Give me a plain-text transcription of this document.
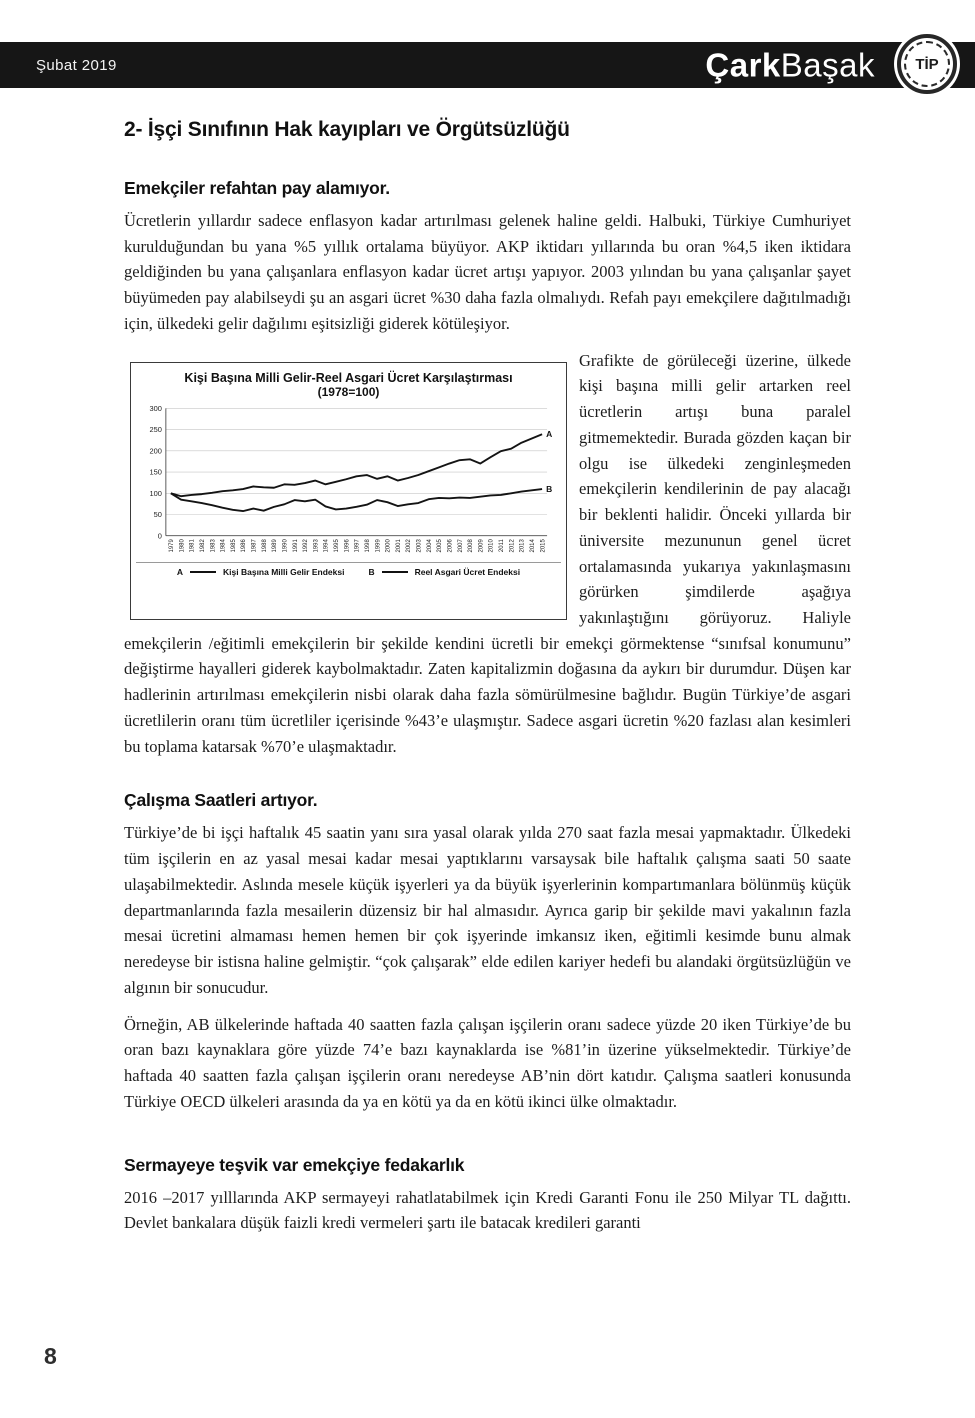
Şubat 2019	ÇarkBaşak	TİP
2- İşçi Sınıfının Hak kayıpları ve Örgütsüzlüğü
Emekçiler refahtan pay alamıyor.

Ücretlerin yıllardır sadece enflasyon kadar artırılması gelenek haline geldi. Halbuki, Türkiye Cumhuriyet kurulduğundan bu yana %5 yıllık ortalama büyüyor. AKP iktidarı yıllarında bu oran %4,5 iken iktidara geldiğinden bu yana çalışanlara enflasyon kadar ücret artışı yapıyor. 2003 yılından bu yana çalışanlar şayet büyümeden pay alabilseydi şu an asgari ücret %30 daha fazla olmalıydı. Refah payı emekçilere dağıtılmadığı için, ülkedeki gelir dağılımı eşitsizliği giderek kötüleşiyor.

Kişi Başına Milli Gelir-Reel Asgari Ücret Karşılaştırması
(1978=100)
0
50
100
150
200
250
300
1979 1980 1981 1982 1983 1984 1985 1986 1987 1988 1989 1990 1991 1992 1993 1994 1995 1996 1997 1998 1999 2000 2001 2002 2003 2004 2005 2006 2007 2008 2009 2010 2011 2012 2013 2014 2015
A
B
A	Kişi Başına Milli Gelir Endeksi	B	Reel Asgari Ücret Endeksi

Grafikte de görüleceği üzerine, ülkede kişi başına milli gelir artarken reel ücretlerin artışı buna paralel gitmemektedir. Burada gözden kaçan bir olgu ise ülkedeki zenginleşmeden emekçilerin kendilerinin de pay alacağı bir beklenti halidir. Önceki yıllarda bir üniversite mezununun genel ücret ortalamasında yukarıya yakınlaşmasını görürken şimdilerde aşağıya yakınlaştığını görüyoruz. Haliyle emekçilerin /eğitimli emekçilerin bir şekilde kendini ücretli bir emekçi görmektense “sınıfsal konumunu” değiştirme hayalleri giderek kaybolmaktadır. Zaten kapitalizmin doğasına da aykırı bir durumdur. Düşen kar hadlerinin artırılması emekçilerin nisbi olarak daha fazla sömürülmesine bağlıdır. Bugün Türkiye’de asgari ücretlilerin oranı tüm ücretliler içerisinde %43’e ulaşmıştır. Sadece asgari ücretin %20 fazlası alan kesimleri bu toplama katarsak %70’e ulaşmaktadır.

Çalışma Saatleri artıyor.

Türkiye’de bi işçi haftalık 45 saatin yanı sıra yasal olarak yılda 270 saat fazla mesai yapmaktadır. Ülkedeki tüm işçilerin en az yasal mesai kadar mesai yaptıklarını varsaysak bile haftalık çalışma saati 50 saate ulaşabilmektedir. Aslında mesele küçük işyerleri ya da büyük işyerlerinin kompartımanlara bölünmüş küçük departmanlarında fazla mesailerin düzensiz bir hal almasıdır. Ayrıca garip bir şekilde mavi yakalının fazla mesai ücretini almaması hemen hemen bir çok işyerinde imkansız iken, eğitimli kesimde bunu almak neredeyse bir istisna haline gelmiştir. “çok çalışarak” elde edilen kariyer hedefi bu alandaki örgütsüzlüğün ve algının bir sonucudur.

Örneğin, AB ülkelerinde haftada 40 saatten fazla çalışan işçilerin oranı sadece yüzde 20 iken Türkiye’de bu oran bazı kaynaklara göre yüzde 74’e bazı kaynaklarda ise %81’in üzerine yükselmektedir. Türkiye’de haftada 40 saatten fazla çalışan işçilerin oranı neredeyse AB’nin dört katıdır. Çalışma saatleri konusunda Türkiye OECD ülkeleri arasında da ya en kötü ya da en kötü ikinci ülke olmaktadır.

Sermayeye teşvik var emekçiye fedakarlık

2016 –2017 yılllarında AKP sermayeyi rahatlatabilmek için Kredi Garanti Fonu ile 250 Milyar TL dağıttı. Devlet bankalara düşük faizli kredi vermeleri şartı ile batacak kredileri garanti

8
